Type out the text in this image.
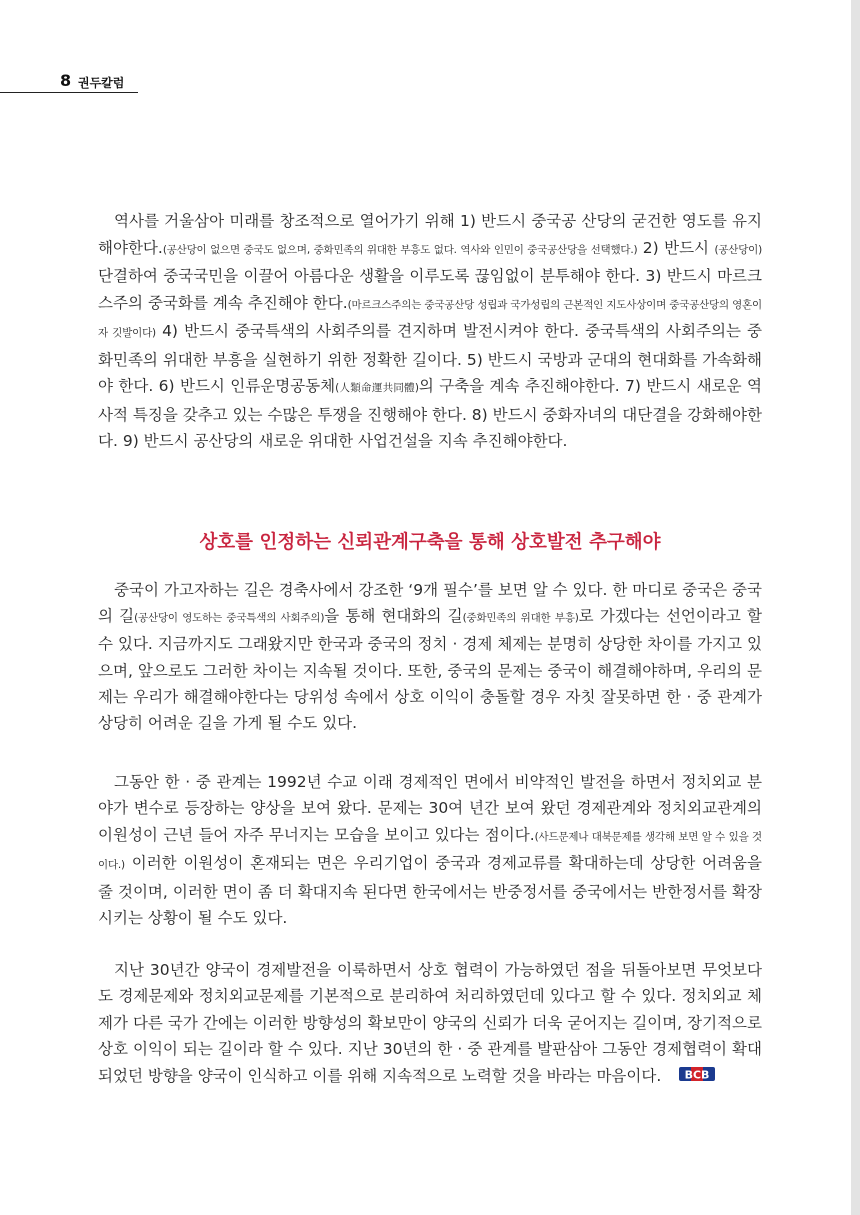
8 권두칼럼

역사를 거울삼아 미래를 창조적으로 열어가기 위해 1) 반드시 중국공 산당의 굳건한 영도를 유지해야한다.(공산당이 없으면 중국도 없으며, 중화민족의 위대한 부흥도 없다. 역사와 인민이 중국공산당을 선택했다.) 2) 반드시 (공산당이) 단결하여 중국국민을 이끌어 아름다운 생활을 이루도록 끊임없이 분투해야 한다. 3) 반드시 마르크스주의 중국화를 계속 추진해야 한다.(마르크스주의는 중국공산당 성립과 국가성립의 근본적인 지도사상이며 중국공산당의 영혼이자 깃발이다) 4) 반드시 중국특색의 사회주의를 견지하며 발전시켜야 한다. 중국특색의 사회주의는 중화민족의 위대한 부흥을 실현하기 위한 정확한 길이다. 5) 반드시 국방과 군대의 현대화를 가속화해야 한다. 6) 반드시 인류운명공동체(人類命運共同體)의 구축을 계속 추진해야한다. 7) 반드시 새로운 역사적 특징을 갖추고 있는 수많은 투쟁을 진행해야 한다. 8) 반드시 중화자녀의 대단결을 강화해야한다. 9) 반드시 공산당의 새로운 위대한 사업건설을 지속 추진해야한다.

상호를 인정하는 신뢰관계구축을 통해 상호발전 추구해야

중국이 가고자하는 길은 경축사에서 강조한 ‘9개 필수’를 보면 알 수 있다. 한 마디로 중국은 중국의 길(공산당이 영도하는 중국특색의 사회주의)을 통해 현대화의 길(중화민족의 위대한 부흥)로 가겠다는 선언이라고 할 수 있다. 지금까지도 그래왔지만 한국과 중국의 정치 · 경제 체제는 분명히 상당한 차이를 가지고 있으며, 앞으로도 그러한 차이는 지속될 것이다. 또한, 중국의 문제는 중국이 해결해야하며, 우리의 문제는 우리가 해결해야한다는 당위성 속에서 상호 이익이 충돌할 경우 자칫 잘못하면 한 · 중 관계가 상당히 어려운 길을 가게 될 수도 있다.

그동안 한 · 중 관계는 1992년 수교 이래 경제적인 면에서 비약적인 발전을 하면서 정치외교 분야가 변수로 등장하는 양상을 보여 왔다. 문제는 30여 년간 보여 왔던 경제관계와 정치외교관계의 이원성이 근년 들어 자주 무너지는 모습을 보이고 있다는 점이다.(사드문제나 대북문제를 생각해 보면 알 수 있을 것이다.) 이러한 이원성이 혼재되는 면은 우리기업이 중국과 경제교류를 확대하는데 상당한 어려움을 줄 것이며, 이러한 면이 좀 더 확대지속 된다면 한국에서는 반중정서를 중국에서는 반한정서를 확장시키는 상황이 될 수도 있다.

지난 30년간 양국이 경제발전을 이룩하면서 상호 협력이 가능하였던 점을 뒤돌아보면 무엇보다도 경제문제와 정치외교문제를 기본적으로 분리하여 처리하였던데 있다고 할 수 있다. 정치외교 체제가 다른 국가 간에는 이러한 방향성의 확보만이 양국의 신뢰가 더욱 굳어지는 길이며, 장기적으로 상호 이익이 되는 길이라 할 수 있다. 지난 30년의 한 · 중 관계를 발판삼아 그동안 경제협력이 확대되었던 방향을 양국이 인식하고 이를 위해 지속적으로 노력할 것을 바라는 마음이다. BCB
